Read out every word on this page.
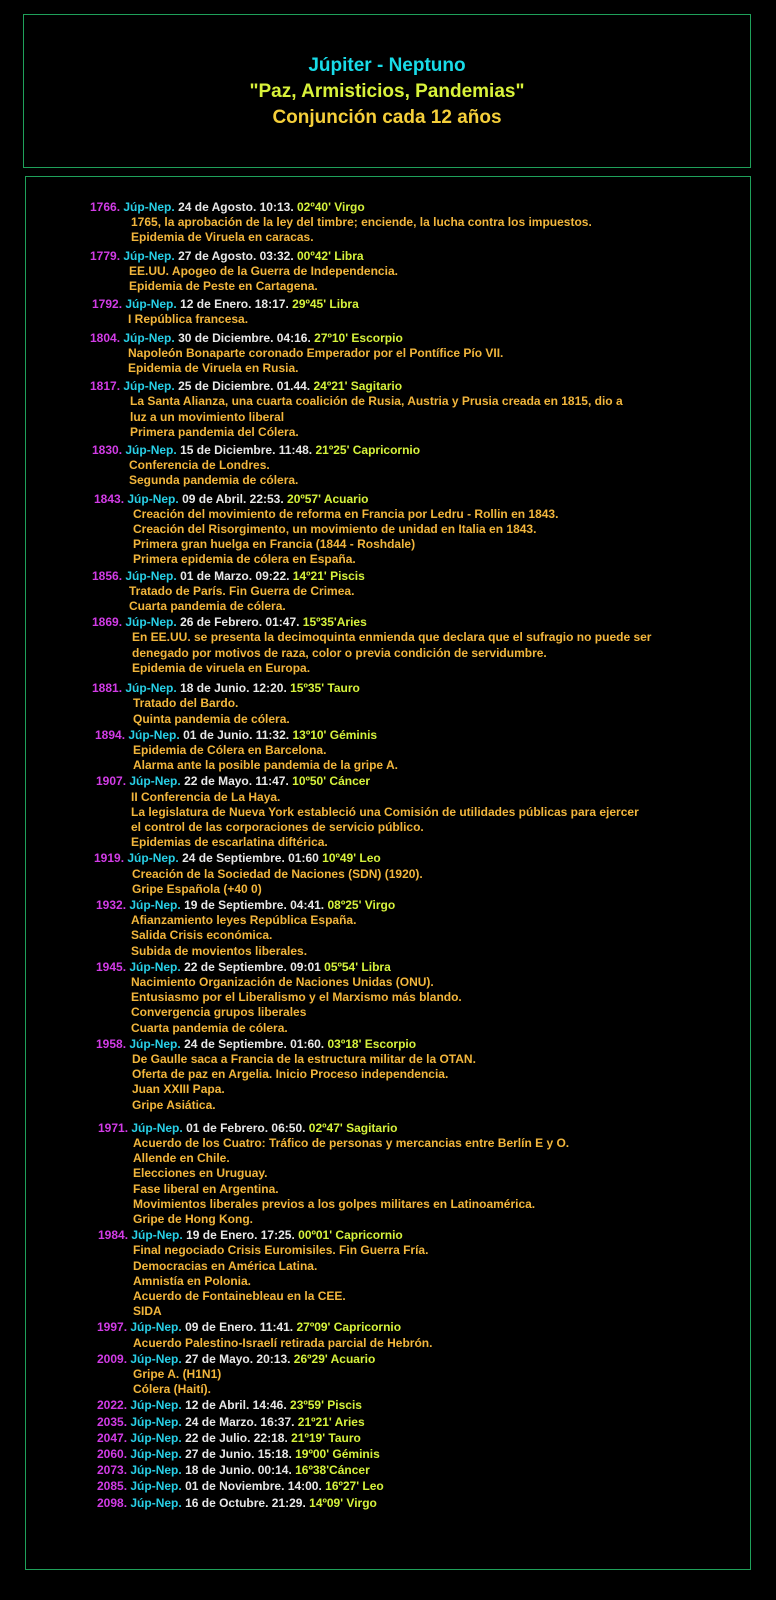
Júpiter - Neptuno
"Paz, Armisticios, Pandemias"
Conjunción cada 12 años
1766. Júp-Nep. 24 de Agosto. 10:13. 02º40' Virgo
1765, la aprobación de la ley del timbre; enciende, la lucha contra los impuestos.
Epidemia de Viruela en caracas.
1779. Júp-Nep. 27 de Agosto. 03:32. 00º42' Libra
EE.UU. Apogeo de la Guerra de Independencia.
Epidemia de Peste en Cartagena.
1792. Júp-Nep. 12 de Enero. 18:17. 29º45' Libra
I República francesa.
1804. Júp-Nep. 30 de Diciembre. 04:16. 27º10' Escorpio
Napoleón Bonaparte coronado Emperador por el Pontífice Pío VII.
Epidemia de Viruela en Rusia.
1817. Júp-Nep. 25 de Diciembre. 01.44. 24º21' Sagitario
La Santa Alianza, una cuarta coalición de Rusia, Austria y Prusia creada en 1815, dio a
luz a un movimiento liberal
Primera pandemia del Cólera.
1830. Júp-Nep. 15 de Diciembre. 11:48. 21º25' Capricornio
Conferencia de Londres.
Segunda pandemia de cólera.
1843. Júp-Nep. 09 de Abril. 22:53. 20º57' Acuario
Creación del movimiento de reforma en Francia por Ledru - Rollin en 1843.
Creación del Risorgimento, un movimiento de unidad en Italia en 1843.
Primera gran huelga en Francia (1844 - Roshdale)
Primera epidemia de cólera en España.
1856. Júp-Nep. 01 de Marzo. 09:22. 14º21' Piscis
Tratado de París. Fin Guerra de Crimea.
Cuarta pandemia de cólera.
1869. Júp-Nep. 26 de Febrero. 01:47. 15º35'Aries
En EE.UU. se presenta la decimoquinta enmienda que declara que el sufragio no puede ser
denegado por motivos de raza, color o previa condición de servidumbre.
Epidemia de viruela en Europa.
1881. Júp-Nep. 18 de Junio. 12:20. 15º35' Tauro
Tratado del Bardo.
Quinta pandemia de cólera.
1894. Júp-Nep. 01 de Junio. 11:32. 13º10' Géminis
Epidemia de Cólera en Barcelona.
Alarma ante la posible pandemia de la gripe A.
1907. Júp-Nep. 22 de Mayo. 11:47. 10º50' Cáncer
II Conferencia de La Haya.
La legislatura de Nueva York estableció una Comisión de utilidades públicas para ejercer
el control de las corporaciones de servicio público.
Epidemias de escarlatina diftérica.
1919. Júp-Nep. 24 de Septiembre. 01:60 10º49' Leo
Creación de la Sociedad de Naciones (SDN) (1920).
Gripe Española (+40 0)
1932. Júp-Nep. 19 de Septiembre. 04:41. 08º25' Virgo
Afianzamiento leyes República España.
Salida Crisis económica.
Subida de movientos liberales.
1945. Júp-Nep. 22 de Septiembre. 09:01 05º54' Libra
Nacimiento Organización de Naciones Unidas (ONU).
Entusiasmo por el Liberalismo y el Marxismo más blando.
Convergencia grupos liberales
Cuarta pandemia de cólera.
1958. Júp-Nep. 24 de Septiembre. 01:60. 03º18' Escorpio
De Gaulle saca a Francia de la estructura militar de la OTAN.
Oferta de paz en Argelia. Inicio Proceso independencia.
Juan XXIII Papa.
Gripe Asiática.
1971. Júp-Nep. 01 de Febrero. 06:50. 02º47' Sagitario
Acuerdo de los Cuatro: Tráfico de personas y mercancias entre Berlín E y O.
Allende en Chile.
Elecciones en Uruguay.
Fase liberal en Argentina.
Movimientos liberales previos a los golpes militares en Latinoamérica.
Gripe de Hong Kong.
1984. Júp-Nep. 19 de Enero. 17:25. 00º01' Capricornio
Final negociado Crisis Euromisiles. Fin Guerra Fría.
Democracias en América Latina.
Amnistía en Polonia.
Acuerdo de Fontainebleau en la CEE.
SIDA
1997. Júp-Nep. 09 de Enero. 11:41. 27º09' Capricornio
Acuerdo Palestino-Israelí retirada parcial de Hebrón.
2009. Júp-Nep. 27 de Mayo. 20:13. 26º29' Acuario
Gripe A. (H1N1)
Cólera (Haití).
2022. Júp-Nep. 12 de Abril. 14:46. 23º59' Piscis
2035. Júp-Nep. 24 de Marzo. 16:37. 21º21' Aries
2047. Júp-Nep. 22 de Julio. 22:18. 21º19' Tauro
2060. Júp-Nep. 27 de Junio. 15:18. 19º00' Géminis
2073. Júp-Nep. 18 de Junio. 00:14. 16º38'Cáncer
2085. Júp-Nep. 01 de Noviembre. 14:00. 16º27' Leo
2098. Júp-Nep. 16 de Octubre. 21:29. 14º09' Virgo
